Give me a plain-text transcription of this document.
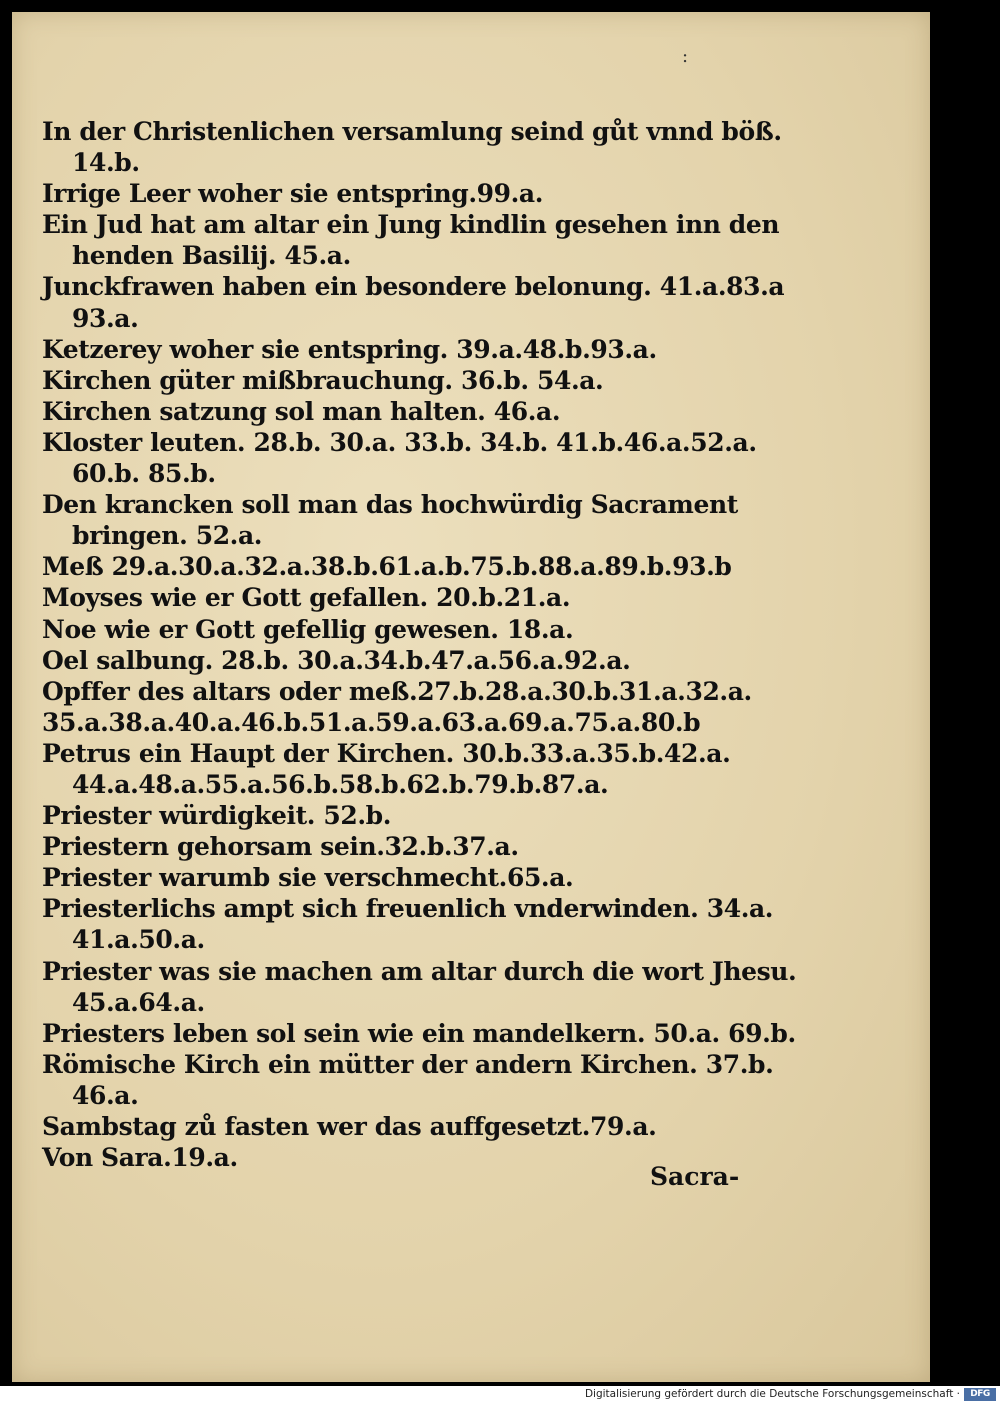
:
In der Christenlichen versamlung seind gůt vnnd böß.
14.b.
Irrige Leer woher sie entspring.99.a.
Ein Jud hat am altar ein Jung kindlin gesehen inn den
henden Basilij. 45.a.
Junckfrawen haben ein besondere belonung. 41.a.83.a
93.a.
Ketzerey woher sie entspring. 39.a.48.b.93.a.
Kirchen güter mißbrauchung. 36.b. 54.a.
Kirchen satzung sol man halten. 46.a.
Kloster leuten. 28.b. 30.a. 33.b. 34.b. 41.b.46.a.52.a.
60.b. 85.b.
Den krancken soll man das hochwürdig Sacrament
bringen. 52.a.
Meß 29.a.30.a.32.a.38.b.61.a.b.75.b.88.a.89.b.93.b
Moyses wie er Gott gefallen. 20.b.21.a.
Noe wie er Gott gefellig gewesen. 18.a.
Oel salbung. 28.b. 30.a.34.b.47.a.56.a.92.a.
Opffer des altars oder meß.27.b.28.a.30.b.31.a.32.a.
35.a.38.a.40.a.46.b.51.a.59.a.63.a.69.a.75.a.80.b
Petrus ein Haupt der Kirchen. 30.b.33.a.35.b.42.a.
44.a.48.a.55.a.56.b.58.b.62.b.79.b.87.a.
Priester würdigkeit. 52.b.
Priestern gehorsam sein.32.b.37.a.
Priester warumb sie verschmecht.65.a.
Priesterlichs ampt sich freuenlich vnderwinden. 34.a.
41.a.50.a.
Priester was sie machen am altar durch die wort Jhesu.
45.a.64.a.
Priesters leben sol sein wie ein mandelkern. 50.a. 69.b.
Römische Kirch ein mütter der andern Kirchen. 37.b.
46.a.
Sambstag zů fasten wer das auffgesetzt.79.a.
Von Sara.19.a.
Sacra-
Digitalisierung gefördert durch die Deutsche Forschungsgemeinschaft ·	DFG
